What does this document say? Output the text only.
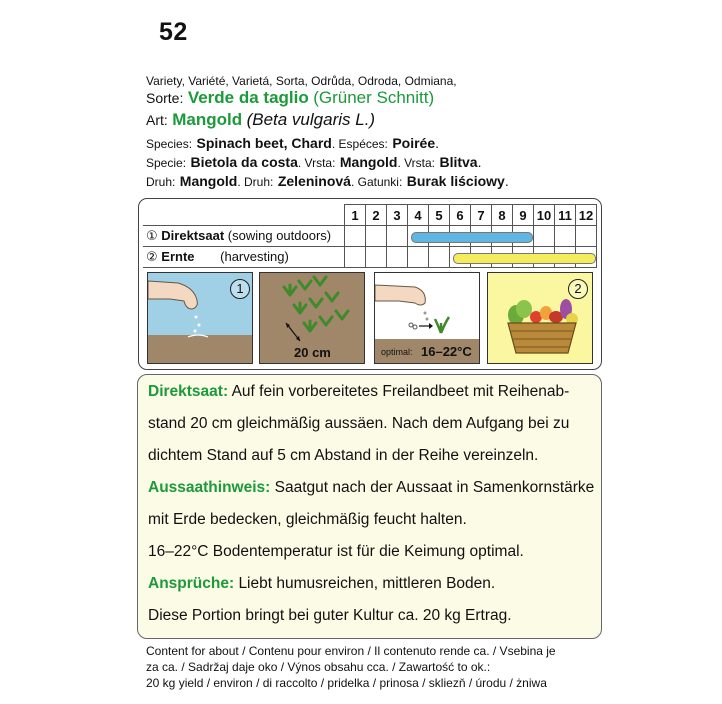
52
Variety, Variété, Varietá, Sorta, Odrůda, Odroda, Odmiana,
Sorte: Verde da taglio (Grüner Schnitt)
Art: Mangold (Beta vulgaris L.)
Species: Spinach beet, Chard. Espéces: Poirée.
Specie: Bietola da costa. Vrsta: Mangold. Vrsta: Blitva.
Druh: Mangold. Druh: Zeleninová. Gatunki: Burak liściowy.
	1	2	3	4	5	6	7	8	9	10	11	12
① Direktsaat (sowing outdoors)												
② Ernte (harvesting)												
1
20 cm	optimal: 16–22°C
2
Direktsaat: Auf fein vorbereitetes Freilandbeet mit Reihenab-
stand 20 cm gleichmäßig aussäen. Nach dem Aufgang bei zu
dichtem Stand auf 5 cm Abstand in der Reihe vereinzeln.
Aussaathinweis: Saatgut nach der Aussaat in Samenkornstärke
mit Erde bedecken, gleichmäßig feucht halten.
16–22°C Bodentemperatur ist für die Keimung optimal.
Ansprüche: Liebt humusreichen, mittleren Boden.
Diese Portion bringt bei guter Kultur ca. 20 kg Ertrag.
Content for about / Contenu pour environ / Il contenuto rende ca. / Vsebina je
za ca. / Sadržaj daje oko / Výnos obsahu cca. / Zawartość to ok.:
20 kg yield / environ / di raccolto / pridelka / prinosa / skliezň / úrodu / żniwa
